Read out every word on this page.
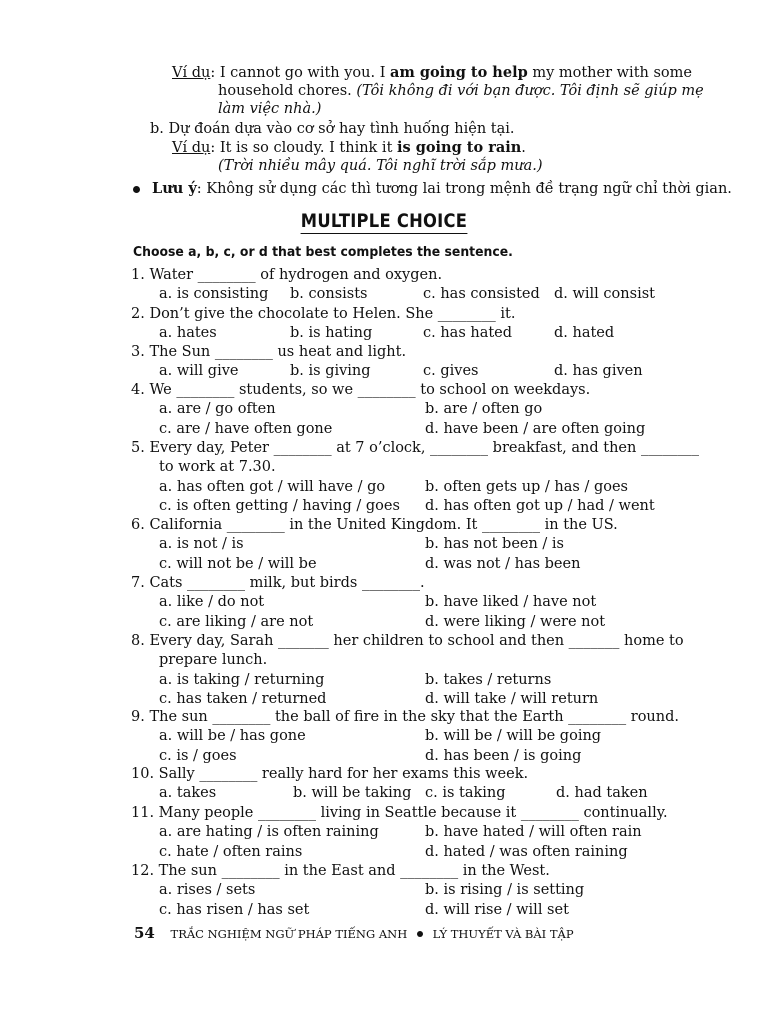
Ví dụ: I cannot go with you. I am going to help my mother with some
household chores. (Tôi không đi với bạn được. Tôi định sẽ giúp mẹ
làm việc nhà.)
b. Dự đoán dựa vào cơ sở hay tình huống hiện tại.
Ví dụ: It is so cloudy. I think it is going to rain.
(Trời nhiều mây quá. Tôi nghĩ trời sắp mưa.)
Lưu ý: Không sử dụng các thì tương lai trong mệnh đề trạng ngữ chỉ thời gian.
MULTIPLE CHOICE
Choose a, b, c, or d that best completes the sentence.
1. Water ________ of hydrogen and oxygen.
a. is consisting b. consists	c. has consisted d. will consist
2. Don’t give the chocolate to Helen. She ________ it.
a. hates	b. is hating	c. has hated	d. hated
3. The Sun ________ us heat and light.
a. will give	b. is giving	c. gives	d. has given
4. We ________ students, so we ________ to school on weekdays.
a. are / go often	b. are / often go
c. are / have often gone	d. have been / are often going
5. Every day, Peter ________ at 7 o’clock, ________ breakfast, and then ________
to work at 7.30.
a. has often got / will have / go	b. often gets up / has / goes
c. is often getting / having / goes d. has often got up / had / went
6. California ________ in the United Kingdom. It ________ in the US.
a. is not / is	b. has not been / is
c. will not be / will be	d. was not / has been
7. Cats ________ milk, but birds ________.
a. like / do not	b. have liked / have not
c. are liking / are not	d. were liking / were not
8. Every day, Sarah _______ her children to school and then _______ home to
prepare lunch.
a. is taking / returning	b. takes / returns
c. has taken / returned	d. will take / will return
9. The sun ________ the ball of fire in the sky that the Earth ________ round.
a. will be / has gone	b. will be / will be going
c. is / goes	d. has been / is going
10. Sally ________ really hard for her exams this week.
a. takes	b. will be taking c. is taking	d. had taken
11. Many people ________ living in Seattle because it ________ continually.
a. are hating / is often raining	b. have hated / will often rain
c. hate / often rains	d. hated / was often raining
12. The sun ________ in the East and ________ in the West.
a. rises / sets	b. is rising / is setting
c. has risen / has set	d. will rise / will set
54 TRẮC NGHIỆM NGỮ PHÁP TIẾNG ANH LÝ THUYẾT VÀ BÀI TẬP
